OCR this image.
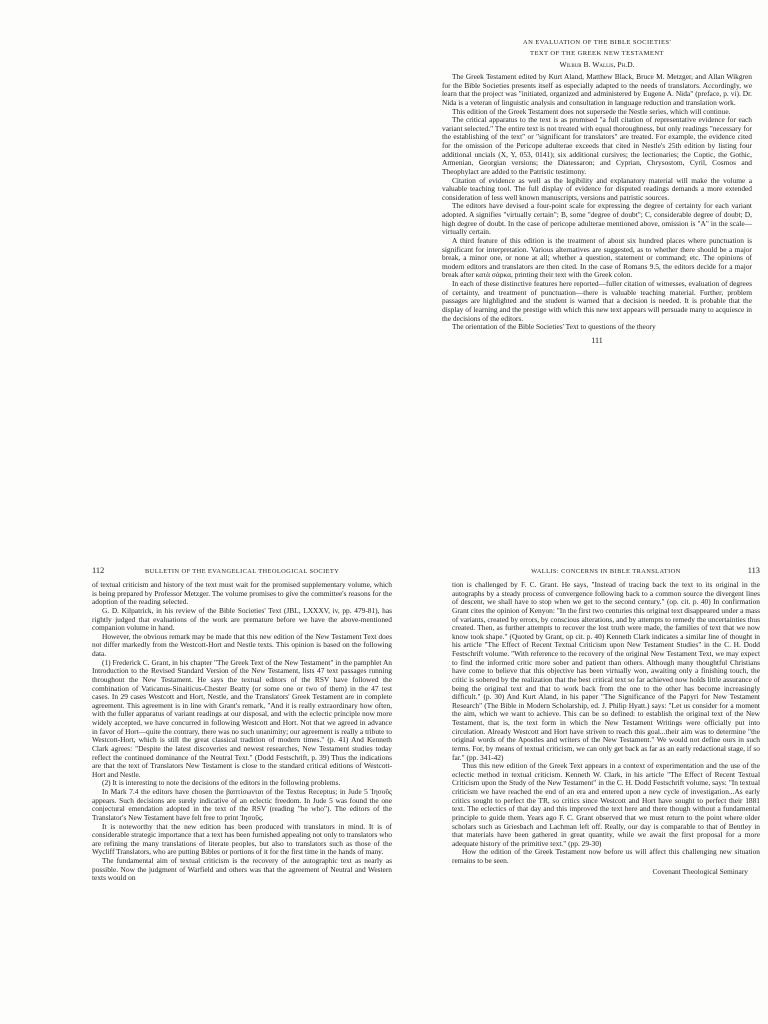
AN EVALUATION OF THE BIBLE SOCIETIES'
TEXT OF THE GREEK NEW TESTAMENT
Wilbur B. Wallis, Ph.D.

The Greek Testament edited by Kurt Aland, Matthew Black, Bruce M. Metzger, and Allan Wikgren for the Bible Societies presents itself as especially adapted to the needs of translators. Accordingly, we learn that the project was "initiated, organized and administered by Eugene A. Nida" (preface, p. vi). Dr. Nida is a veteran of linguistic analysis and consultation in language reduction and translation work.

This edition of the Greek Testament does not supersede the Nestle series, which will continue.

The critical apparatus to the text is as promised "a full citation of representative evidence for each variant selected." The entire text is not treated with equal thoroughness, but only readings "necessary for the establishing of the text" or "significant for translators" are treated. For example, the evidence cited for the omission of the Pericope adulterae exceeds that cited in Nestle's 25th edition by listing four additional uncials (X, Y, 053, 0141); six additional cursives; the lectionaries; the Coptic, the Gothic, Armenian, Georgian versions; the Diatessaron; and Cyprian, Chrysostom, Cyril, Cosmos and Theophylact are added to the Patristic testimony.

Citation of evidence as well as the legibility and explanatory material will make the volume a valuable teaching tool. The full display of evidence for disputed readings demands a more extended consideration of less well known manuscripts, versions and patristic sources.

The editors have devised a four-point scale for expressing the degree of certainty for each variant adopted. A signifies "virtually certain"; B, some "degree of doubt"; C, considerable degree of doubt; D, high degree of doubt. In the case of pericope adulterae mentioned above, omission is "A" in the scale—virtually certain.

A third feature of this edition is the treatment of about six hundred places where punctuation is significant for interpretation. Various alternatives are suggested, as to whether there should be a major break, a minor one, or none at all; whether a question, statement or command; etc. The opinions of modern editors and translators are then cited. In the case of Romans 9.5, the editors decide for a major break after κατὰ σάρκα, printing their text with the Greek colon.

In each of these distinctive features here reported—fuller citation of witnesses, evaluation of degrees of certainty, and treatment of punctuation—there is valuable teaching material. Further, problem passages are highlighted and the student is warned that a decision is needed. It is probable that the display of learning and the prestige with which this new text appears will persuade many to acquiesce in the decisions of the editors.

The orientation of the Bible Societies' Text to questions of the theory

111
112	BULLETIN OF THE EVANGELICAL THEOLOGICAL SOCIETY

of textual criticism and history of the text must wait for the promised supplementary volume, which is being prepared by Professor Metzger. The volume promises to give the committee's reasons for the adoption of the reading selected.

G. D. Kilpatrick, in his review of the Bible Societies' Text (JBL, LXXXV, iv, pp. 479-81), has rightly judged that evaluations of the work are premature before we have the above-mentioned companion volume in hand.

However, the obvious remark may be made that this new edition of the New Testament Text does not differ markedly from the Westcott-Hort and Nestle texts. This opinion is based on the following data.

(1) Frederick C. Grant, in his chapter "The Greek Text of the New Testament" in the pamphlet An Introduction to the Revised Standard Version of the New Testament, lists 47 text passages running throughout the New Testament. He says the textual editors of the RSV have followed the combination of Vaticanus-Sinaiticus-Chester Beatty (or some one or two of them) in the 47 test cases. In 29 cases Westcott and Hort, Nestle, and the Translators' Greek Testament are in complete agreement. This agreement is in line with Grant's remark, "And it is really extraordinary how often, with the fuller apparatus of variant readings at our disposal, and with the eclectic principle now more widely accepted, we have concurred in following Westcott and Hort. Not that we agreed in advance in favor of Hort—quite the contrary, there was no such unanimity; our agreement is really a tribute to Westcott-Hort, which is still the great classical tradition of modern times." (p. 41) And Kenneth Clark agrees: "Despite the latest discoveries and newest researches, New Testament studies today reflect the continued dominance of the Neutral Text." (Dodd Festschrift, p. 39) Thus the indications are that the text of Translators New Testament is close to the standard critical editions of Westcott-Hort and Nestle.

(2) It is interesting to note the decisions of the editors in the following problems.

In Mark 7.4 the editors have chosen the βαπτίσωνται of the Textus Receptus; in Jude 5 Ἰησοῦς appears. Such decisions are surely indicative of an eclectic freedom. In Jude 5 was found the one conjectural emendation adopted in the text of the RSV (reading "he who"). The editors of the Translator's New Testament have felt free to print Ἰησοῦς.

It is noteworthy that the new edition has been produced with translators in mind. It is of considerable strategic importance that a text has been furnished appealing not only to translators who are refining the many translations of literate peoples, but also to translators such as those of the Wycliff Translators, who are putting Bibles or portions of it for the first time in the hands of many.

The fundamental aim of textual criticism is the recovery of the autographic text as nearly as possible. Now the judgment of Warfield and others was that the agreement of Neutral and Western texts would on

WALLIS: CONCERNS IN BIBLE TRANSLATION	113

tion is challenged by F. C. Grant. He says, "Instead of tracing back the text to its original in the autographs by a steady process of convergence following back to a common source the divergent lines of descent, we shall have to stop when we get to the second century." (op. cit. p. 40) In confirmation Grant cites the opinion of Kenyon: "In the first two centuries this original text disappeared under a mass of variants, created by errors, by conscious alterations, and by attempts to remedy the uncertainties thus created. Then, as further attempts to recover the lost truth were made, the families of text that we now know took shape." (Quoted by Grant, op cit. p. 40) Kenneth Clark indicates a similar line of thought in his article "The Effect of Recent Textual Criticism upon New Testament Studies" in the C. H. Dodd Festschrift volume. "With reference to the recovery of the original New Testament Text, we may expect to find the informed critic more sober and patient than others. Although many thoughtful Christians have come to believe that this objective has been virtually won, awaiting only a finishing touch, the critic is sobered by the realization that the best critical text so far achieved now holds little assurance of being the original text and that to work back from the one to the other has become increasingly difficult." (p. 30) And Kurt Aland, in his paper "The Significance of the Papyri for New Testament Research" (The Bible in Modern Scholarship, ed. J. Philip Hyatt.) says: "Let us consider for a moment the aim, which we want to achieve. This can be so defined: to establish the original text of the New Testament, that is, the text form in which the New Testament Writings were officially put into circulation. Already Westcott and Hort have striven to reach this goal...their aim was to determine "the original words of the Apostles and writers of the New Testament." We would not define ours in such terms. For, by means of textual criticism, we can only get back as far as an early redactional stage, if so far." (pp. 341-42)

Thus this new edition of the Greek Text appears in a context of experimentation and the use of the eclectic method in textual criticism. Kenneth W. Clark, in his article "The Effect of Recent Textual Criticism upon the Study of the New Testament" in the C. H. Dodd Festschrift volume, says: "In textual criticism we have reached the end of an era and entered upon a new cycle of investigation...As early critics sought to perfect the TR, so critics since Westcott and Hort have sought to perfect their 1881 text. The eclectics of that day and this improved the text here and there though without a fundamental principle to guide them. Years ago F. C. Grant observed that we must return to the point where older scholars such as Griesbach and Lachman left off. Really, our day is comparable to that of Bentley in that materials have been gathered in great quantity, while we await the first proposal for a more adequate history of the primitive text." (pp. 29-30)

How the edition of the Greek Testament now before us will affect this challenging new situation remains to be seen.

Covenant Theological Seminary
